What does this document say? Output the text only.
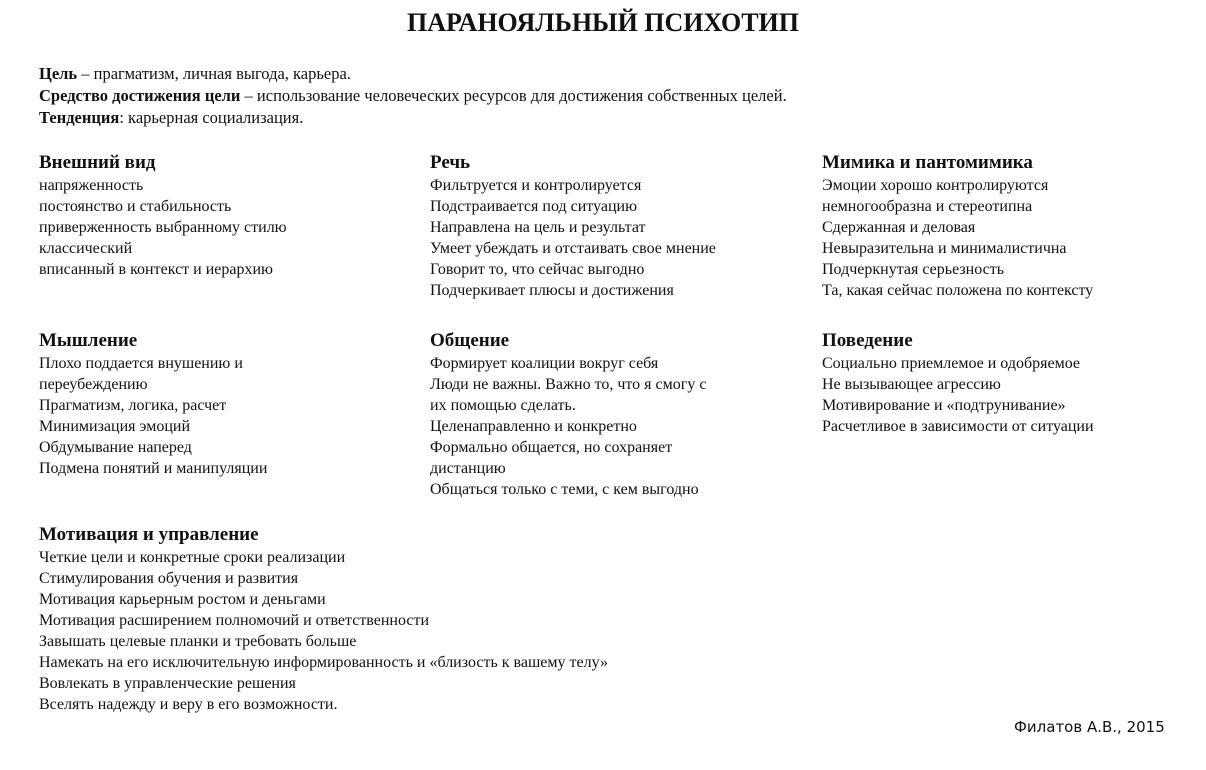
ПАРАНОЯЛЬНЫЙ ПСИХОТИП
Цель – прагматизм, личная выгода, карьера.
Средство достижения цели – использование человеческих ресурсов для достижения собственных целей.
Тенденция: карьерная социализация.
Внешний вид
напряженность
постоянство и стабильность
приверженность выбранному стилю
классический
вписанный в контекст и иерархию
Речь
Фильтруется и контролируется
Подстраивается под ситуацию
Направлена на цель и результат
Умеет убеждать и отстаивать свое мнение
Говорит то, что сейчас выгодно
Подчеркивает плюсы и достижения
Мимика и пантомимика
Эмоции хорошо контролируются
немногообразна и стереотипна
Сдержанная и деловая
Невыразительна и минималистична
Подчеркнутая серьезность
Та, какая сейчас положена по контексту
Мышление
Плохо поддается внушению и
переубеждению
Прагматизм, логика, расчет
Минимизация эмоций
Обдумывание наперед
Подмена понятий и манипуляции
Общение
Формирует коалиции вокруг себя
Люди не важны. Важно то, что я смогу с
их помощью сделать.
Целенаправленно и конкретно
Формально общается, но сохраняет
дистанцию
Общаться только с теми, с кем выгодно
Поведение
Социально приемлемое и одобряемое
Не вызывающее агрессию
Мотивирование и «подтрунивание»
Расчетливое в зависимости от ситуации
Мотивация и управление
Четкие цели и конкретные сроки реализации
Стимулирования обучения и развития
Мотивация карьерным ростом и деньгами
Мотивация расширением полномочий и ответственности
Завышать целевые планки и требовать больше
Намекать на его исключительную информированность и «близость к вашему телу»
Вовлекать в управленческие решения
Вселять надежду и веру в его возможности.
Филатов А.В., 2015
